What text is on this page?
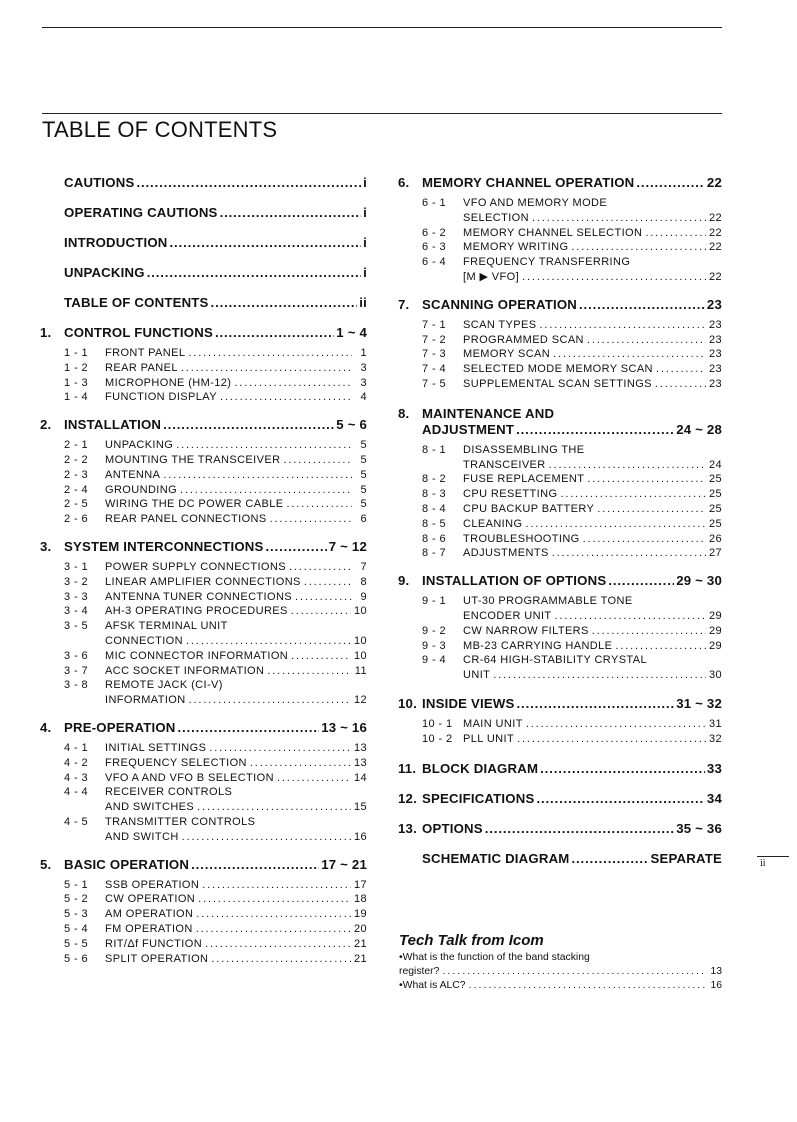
TABLE OF CONTENTS
CAUTIONS . . .	i
OPERATING CAUTIONS . . .	i
INTRODUCTION . . .	i
UNPACKING . . .	i
TABLE OF CONTENTS . . .	ii
1. CONTROL FUNCTIONS . . .	1 ~ 4
1 - 1	FRONT PANEL . . .	1
1 - 2	REAR PANEL . . .	3
1 - 3	MICROPHONE (HM-12) . . .	3
1 - 4	FUNCTION DISPLAY . . .	4
2. INSTALLATION . . .	5 ~ 6
2 - 1	UNPACKING . . .	5
2 - 2	MOUNTING THE TRANSCEIVER . . .	5
2 - 3	ANTENNA . . .	5
2 - 4	GROUNDING . . .	5
2 - 5	WIRING THE DC POWER CABLE . . .	5
2 - 6	REAR PANEL CONNECTIONS . . .	6
3. SYSTEM INTERCONNECTIONS . . .	7 ~ 12
3 - 1	POWER SUPPLY CONNECTIONS . . .	7
3 - 2	LINEAR AMPLIFIER CONNECTIONS . . .	8
3 - 3	ANTENNA TUNER CONNECTIONS . . .	9
3 - 4	AH-3 OPERATING PROCEDURES . . .	10
3 - 5	AFSK TERMINAL UNIT
CONNECTION . . .	10
3 - 6	MIC CONNECTOR INFORMATION . . .	10
3 - 7	ACC SOCKET INFORMATION . . .	11
3 - 8	REMOTE JACK (CI-V)
INFORMATION . . .	12
4. PRE-OPERATION . . .	13 ~ 16
4 - 1	INITIAL SETTINGS . . .	13
4 - 2	FREQUENCY SELECTION . . .	13
4 - 3	VFO A AND VFO B SELECTION . . .	14
4 - 4	RECEIVER CONTROLS
AND SWITCHES . . .	15
4 - 5	TRANSMITTER CONTROLS
AND SWITCH . . .	16
5. BASIC OPERATION . . .	17 ~ 21
5 - 1	SSB OPERATION . . .	17
5 - 2	CW OPERATION . . .	18
5 - 3	AM OPERATION . . .	19
5 - 4	FM OPERATION . . .	20
5 - 5	RIT/Δf FUNCTION . . .	21
5 - 6	SPLIT OPERATION . . .	21
6. MEMORY CHANNEL OPERATION . . .	22
6 - 1	VFO AND MEMORY MODE
SELECTION . . .	22
6 - 2	MEMORY CHANNEL SELECTION . . .	22
6 - 3	MEMORY WRITING . . .	22
6 - 4	FREQUENCY TRANSFERRING
[M ▶ VFO] . . .	22
7. SCANNING OPERATION . . .	23
7 - 1	SCAN TYPES . . .	23
7 - 2	PROGRAMMED SCAN . . .	23
7 - 3	MEMORY SCAN . . .	23
7 - 4	SELECTED MODE MEMORY SCAN . . .	23
7 - 5	SUPPLEMENTAL SCAN SETTINGS . . .	23
8. MAINTENANCE AND
ADJUSTMENT . . .	24 ~ 28
8 - 1	DISASSEMBLING THE
TRANSCEIVER . . .	24
8 - 2	FUSE REPLACEMENT . . .	25
8 - 3	CPU RESETTING . . .	25
8 - 4	CPU BACKUP BATTERY . . .	25
8 - 5	CLEANING . . .	25
8 - 6	TROUBLESHOOTING . . .	26
8 - 7	ADJUSTMENTS . . .	27
9. INSTALLATION OF OPTIONS . . .	29 ~ 30
9 - 1	UT-30 PROGRAMMABLE TONE
ENCODER UNIT . . .	29
9 - 2	CW NARROW FILTERS . . .	29
9 - 3	MB-23 CARRYING HANDLE . . .	29
9 - 4	CR-64 HIGH-STABILITY CRYSTAL
UNIT . . .	30
10. INSIDE VIEWS . . .	31 ~ 32
10 - 1 MAIN UNIT . . .	31
10 - 2 PLL UNIT . . .	32
11. BLOCK DIAGRAM . . .	33
12. SPECIFICATIONS . . .	34
13. OPTIONS . . .	35 ~ 36
SCHEMATIC DIAGRAM . . .	SEPARATE
Tech Talk from Icom
• What is the function of the band stacking
register? . . .	13
• What is ALC? . . .	16
ii
